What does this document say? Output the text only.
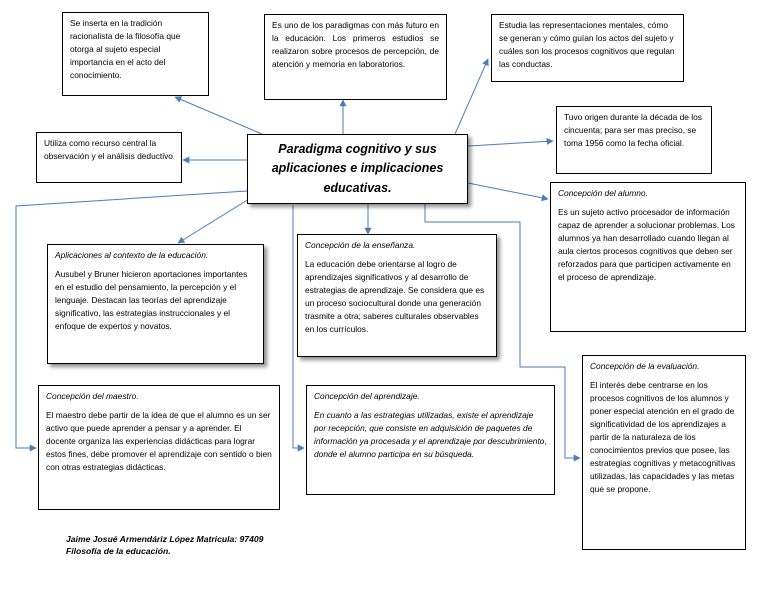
Se inserta en la tradición racionalista de la filosofía que otorga al sujeto especial importancia en el acto del conocimiento.

Es uno de los paradigmas con más futuro en la educación. Los primeros estudios se realizaron sobre procesos de percepción, de atención y memoria en laboratorios.

Estudia las representaciones mentales, cómo se generan y cómo guían los actos del sujeto y cuáles son los procesos cognitivos que regulan las conductas.

Tuvo origen durante la década de los cincuenta; para ser mas preciso, se toma 1956 como la fecha oficial.

Utiliza como recurso central la observación y el análisis deductivo

Paradigma cognitivo y sus aplicaciones e implicaciones educativas.	Concepción del alumno.

Es un sujeto activo procesador de información capaz de aprender a solucionar problemas. Los alumnos ya han desarrollado cuando llegan al aula ciertos procesos cognitivos que deben ser reforzados para que participen activamente en el proceso de aprendizaje.

Aplicaciones al contexto de la educación.

Ausubel y Bruner hicieron aportaciones importantes en el estudio del pensamiento, la percepción y el lenguaje. Destacan las teorías del aprendizaje significativo, las estrategias instruccionales y el enfoque de expertos y novatos.

Concepción de la enseñanza.

La educación debe orientarse al logro de aprendizajes significativos y al desarrollo de estrategias de aprendizaje. Se considera que es un proceso sociocultural donde una generación trasmite a otra; saberes culturales observables en los currículos.

Concepción de la evaluación.

El interés debe centrarse en los procesos cognitivos de los alumnos y poner especial atención en el grado de significatividad de los aprendizajes a partir de la naturaleza de los conocimientos previos que posee, las estrategias cognitivas y metacognitivas utilizadas, las capacidades y las metas que se propone.

Concepción del maestro.

El maestro debe partir de la idea de que el alumno es un ser activo que puede aprender a pensar y a aprender. El docente organiza las experiencias didácticas para lograr estos fines, debe promover el aprendizaje con sentido o bien con otras estrategias didácticas.

Concepción del aprendizaje.

En cuanto a las estrategias utilizadas, existe el aprendizaje por recepción, que consiste en adquisición de paquetes de información ya procesada y el aprendizaje por descubrimiento, donde el alumno participa en su búsqueda.

Jaime Josué Armendáriz López Matricula: 97409
Filosofía de la educación.
